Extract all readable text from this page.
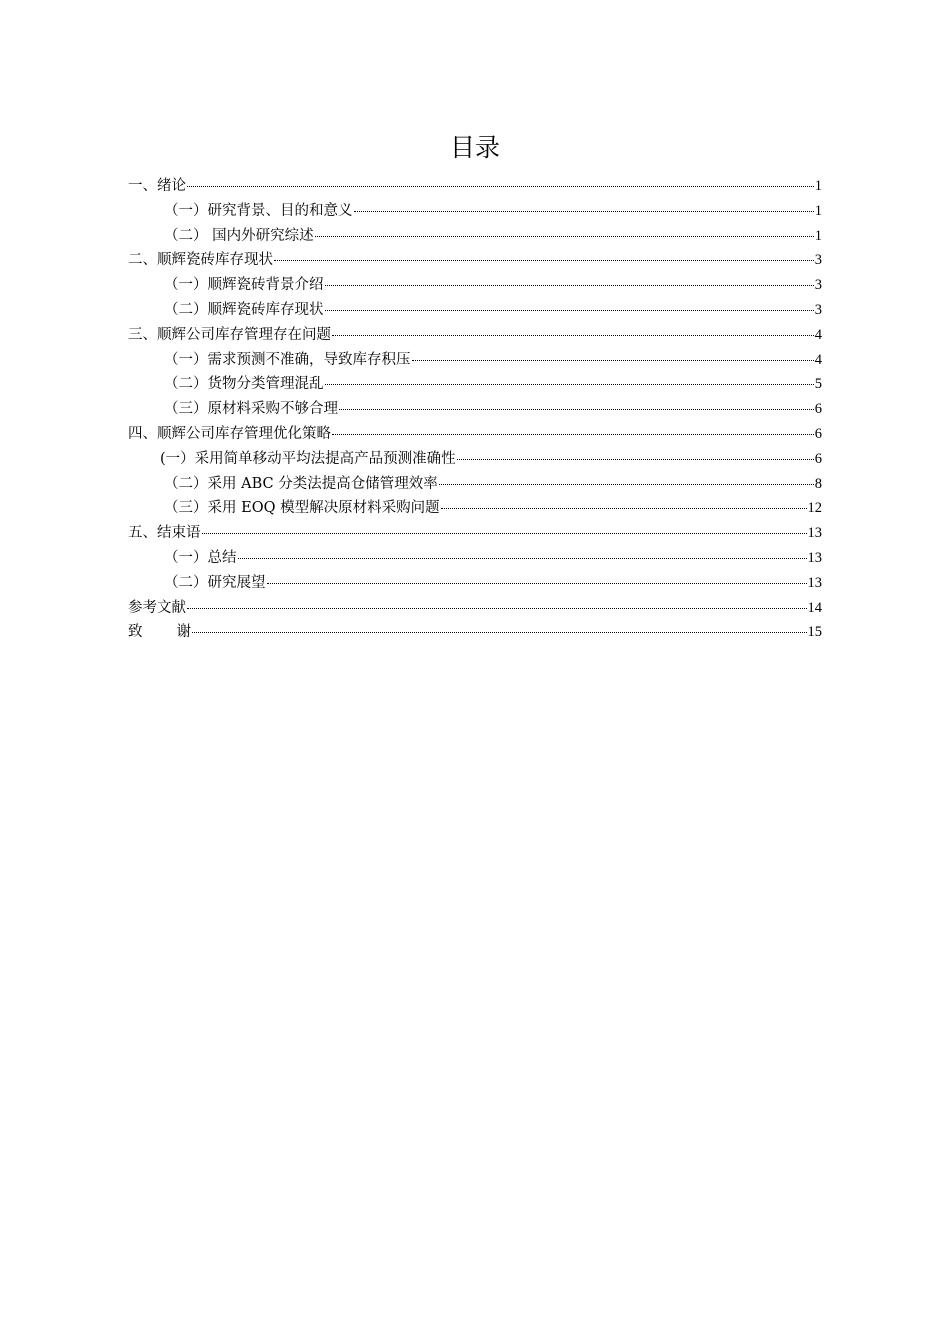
目录
一、绪论	1
（一）研究背景、目的和意义	1
（二） 国内外研究综述	1
二、顺辉瓷砖库存现状	3
（一）顺辉瓷砖背景介绍	3
（二）顺辉瓷砖库存现状	3
三、顺辉公司库存管理存在问题	4
（一）需求预测不准确，导致库存积压	4
（二）货物分类管理混乱	5
（三）原材料采购不够合理	6
四、顺辉公司库存管理优化策略	6
(一）采用简单移动平均法提高产品预测准确性	6
（二）采用 ABC 分类法提高仓储管理效率	8
（三）采用 EOQ 模型解决原材料采购问题	12
五、结束语	13
（一）总结	13
（二）研究展望	13
参考文献	14
致 谢	15
